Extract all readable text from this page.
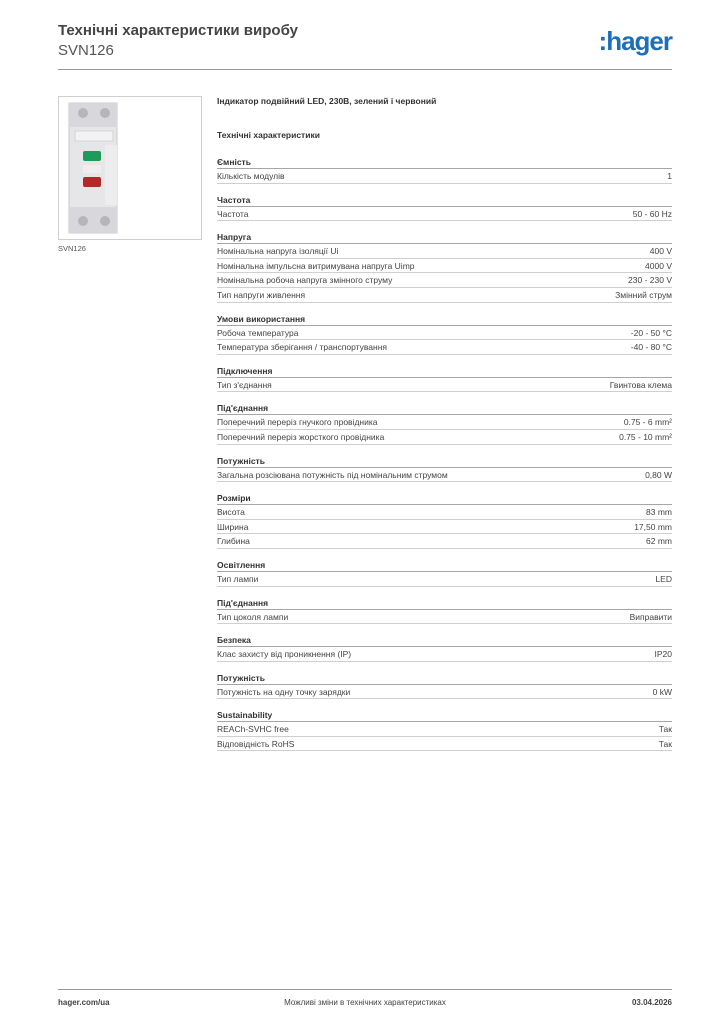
Технічні характеристики виробу
SVN126	:hager
SVN126
Індикатор подвійний LED, 230В, зелений і червоний
Технічні характеристики
Ємність
Кількість модулів	1
Частота
Частота	50 - 60 Hz
Напруга
Номінальна напруга ізоляції Ui	400 V
Номінальна імпульсна витримувана напруга Uimp	4000 V
Номінальна робоча напруга змінного струму	230 - 230 V
Тип напруги живлення	Змінний струм
Умови використання
Робоча температура	-20 - 50 °C
Температура зберігання / транспортування	-40 - 80 °C
Підключення
Тип з'єднання	Гвинтова клема
Під'єднання
Поперечний переріз гнучкого провідника	0.75 - 6 mm²
Поперечний переріз жорсткого провідника	0.75 - 10 mm²
Потужність
Загальна розсіювана потужність під номінальним струмом	0,80 W
Розміри
Висота	83 mm
Ширина	17,50 mm
Глибина	62 mm
Освітлення
Тип лампи	LED
Під'єднання
Тип цоколя лампи	Виправити
Безпека
Клас захисту від проникнення (IP)	IP20
Потужність
Потужність на одну точку зарядки	0 kW
Sustainability
REACh-SVHC free	Так
Відповідність RoHS	Так
hager.com/ua	Можливі зміни в технічних характеристиках	03.04.2026
